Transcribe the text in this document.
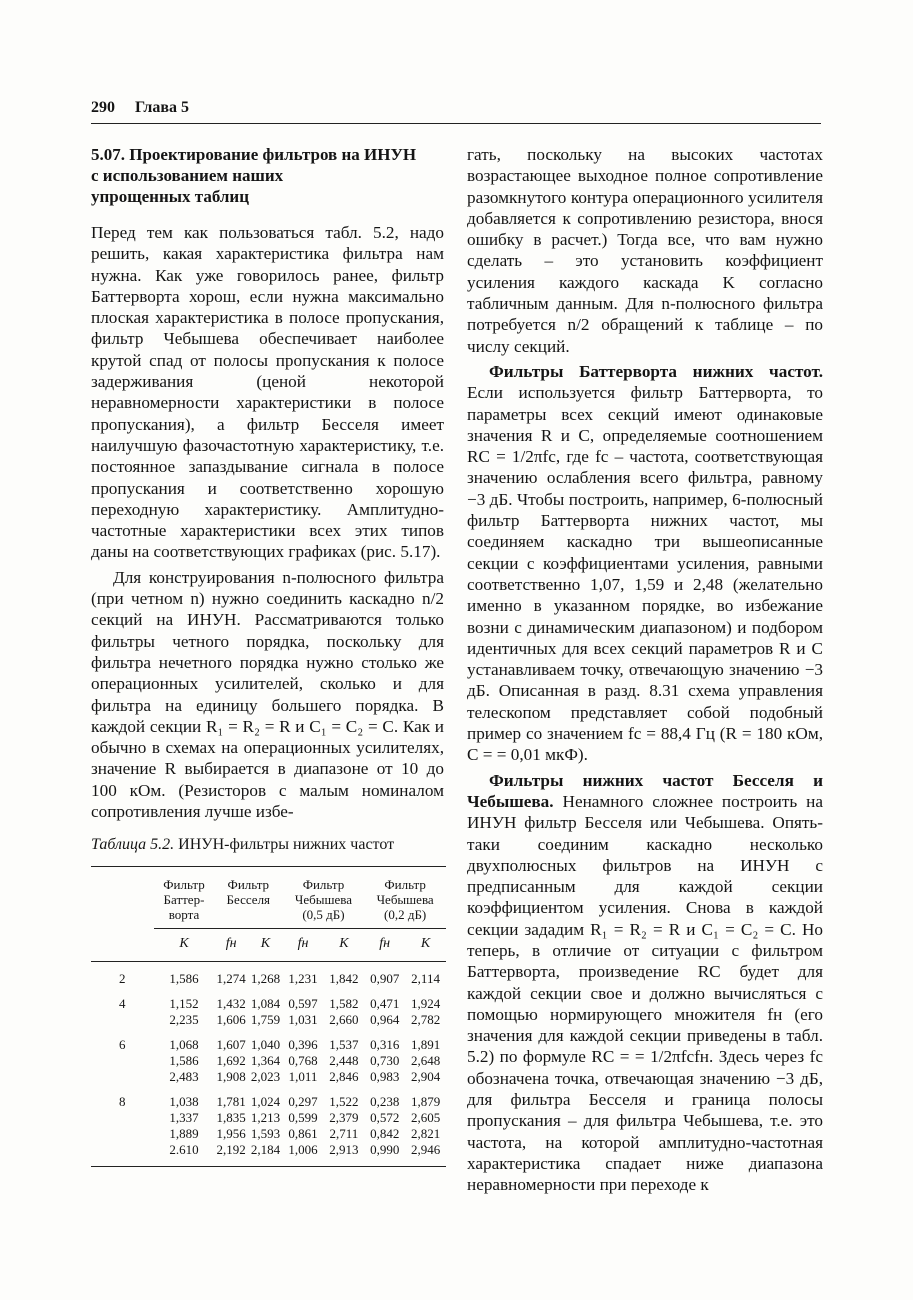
290 Глава 5
5.07. Проектирование фильтров на ИНУН
с использованием наших
упрощенных таблиц

Перед тем как пользоваться табл. 5.2, надо решить, какая характеристика фильтра нам нужна. Как уже говорилось ранее, фильтр Баттерворта хорош, если нужна максимально плоская характеристика в полосе пропускания, фильтр Чебышева обеспечивает наиболее крутой спад от полосы пропускания к полосе задерживания (ценой некоторой неравномерности характеристики в полосе пропускания), а фильтр Бесселя имеет наилучшую фазочастотную характеристику, т.е. постоянное запаздывание сигнала в полосе пропускания и соответственно хорошую переходную характеристику. Амплитудно-частотные характеристики всех этих типов даны на соответствующих графиках (рис. 5.17).

Для конструирования n-полюсного фильтра (при четном n) нужно соединить каскадно n/2 секций на ИНУН. Рассматриваются только фильтры четного порядка, поскольку для фильтра нечетного порядка нужно столько же операционных усилителей, сколько и для фильтра на единицу большего порядка. В каждой секции R₁ = R₂ = R и C₁ = C₂ = C. Как и обычно в схемах на операционных усилителях, значение R выбирается в диапазоне от 10 до 100 кОм. (Резисторов с малым номиналом сопротивления лучше избе-

Таблица 5.2. ИНУН-фильтры нижних частот
	Фильтр Баттер-ворта	Фильтр Бесселя		Фильтр Чебышева (0,5 дБ)		Фильтр Чебышева (0,2 дБ)	
	K	fн	K	fн	K	fн	K
2	1,586	1,274	1,268	1,231	1,842	0,907	2,114
4	1,152	1,432	1,084	0,597	1,582	0,471	1,924
	2,235	1,606	1,759	1,031	2,660	0,964	2,782
6	1,068	1,607	1,040	0,396	1,537	0,316	1,891
	1,586	1,692	1,364	0,768	2,448	0,730	2,648
	2,483	1,908	2,023	1,011	2,846	0,983	2,904
8	1,038	1,781	1,024	0,297	1,522	0,238	1,879
	1,337	1,835	1,213	0,599	2,379	0,572	2,605
	1,889	1,956	1,593	0,861	2,711	0,842	2,821
	2.610	2,192	2,184	1,006	2,913	0,990	2,946

гать, поскольку на высоких частотах возрастающее выходное полное сопротивление разомкнутого контура операционного усилителя добавляется к сопротивлению резистора, внося ошибку в расчет.) Тогда все, что вам нужно сделать – это установить коэффициент усиления каждого каскада K согласно табличным данным. Для n-полюсного фильтра потребуется n/2 обращений к таблице – по числу секций.

Фильтры Баттерворта нижних частот. Если используется фильтр Баттерворта, то параметры всех секций имеют одинаковые значения R и C, определяемые соотношением RC = 1/2πfc, где fc – частота, соответствующая значению ослабления всего фильтра, равному −3 дБ. Чтобы построить, например, 6-полюсный фильтр Баттерворта нижних частот, мы соединяем каскадно три вышеописанные секции с коэффициентами усиления, равными соответственно 1,07, 1,59 и 2,48 (желательно именно в указанном порядке, во избежание возни с динамическим диапазоном) и подбором идентичных для всех секций параметров R и C устанавливаем точку, отвечающую значению −3 дБ. Описанная в разд. 8.31 схема управления телескопом представляет собой подобный пример со значением fc = 88,4 Гц (R = 180 кОм, C = = 0,01 мкФ).

Фильтры нижних частот Бесселя и Чебышева. Ненамного сложнее построить на ИНУН фильтр Бесселя или Чебышева. Опять-таки соединим каскадно несколько двухполюсных фильтров на ИНУН с предписанным для каждой секции коэффициентом усиления. Снова в каждой секции зададим R₁ = R₂ = R и C₁ = C₂ = C. Но теперь, в отличие от ситуации с фильтром Баттерворта, произведение RC будет для каждой секции свое и должно вычисляться с помощью нормирующего множителя fн (его значения для каждой секции приведены в табл. 5.2) по формуле RC = = 1/2πfcfн. Здесь через fc обозначена точка, отвечающая значению −3 дБ, для фильтра Бесселя и граница полосы пропускания – для фильтра Чебышева, т.е. это частота, на которой амплитудно-частотная характеристика спадает ниже диапазона неравномерности при переходе к
